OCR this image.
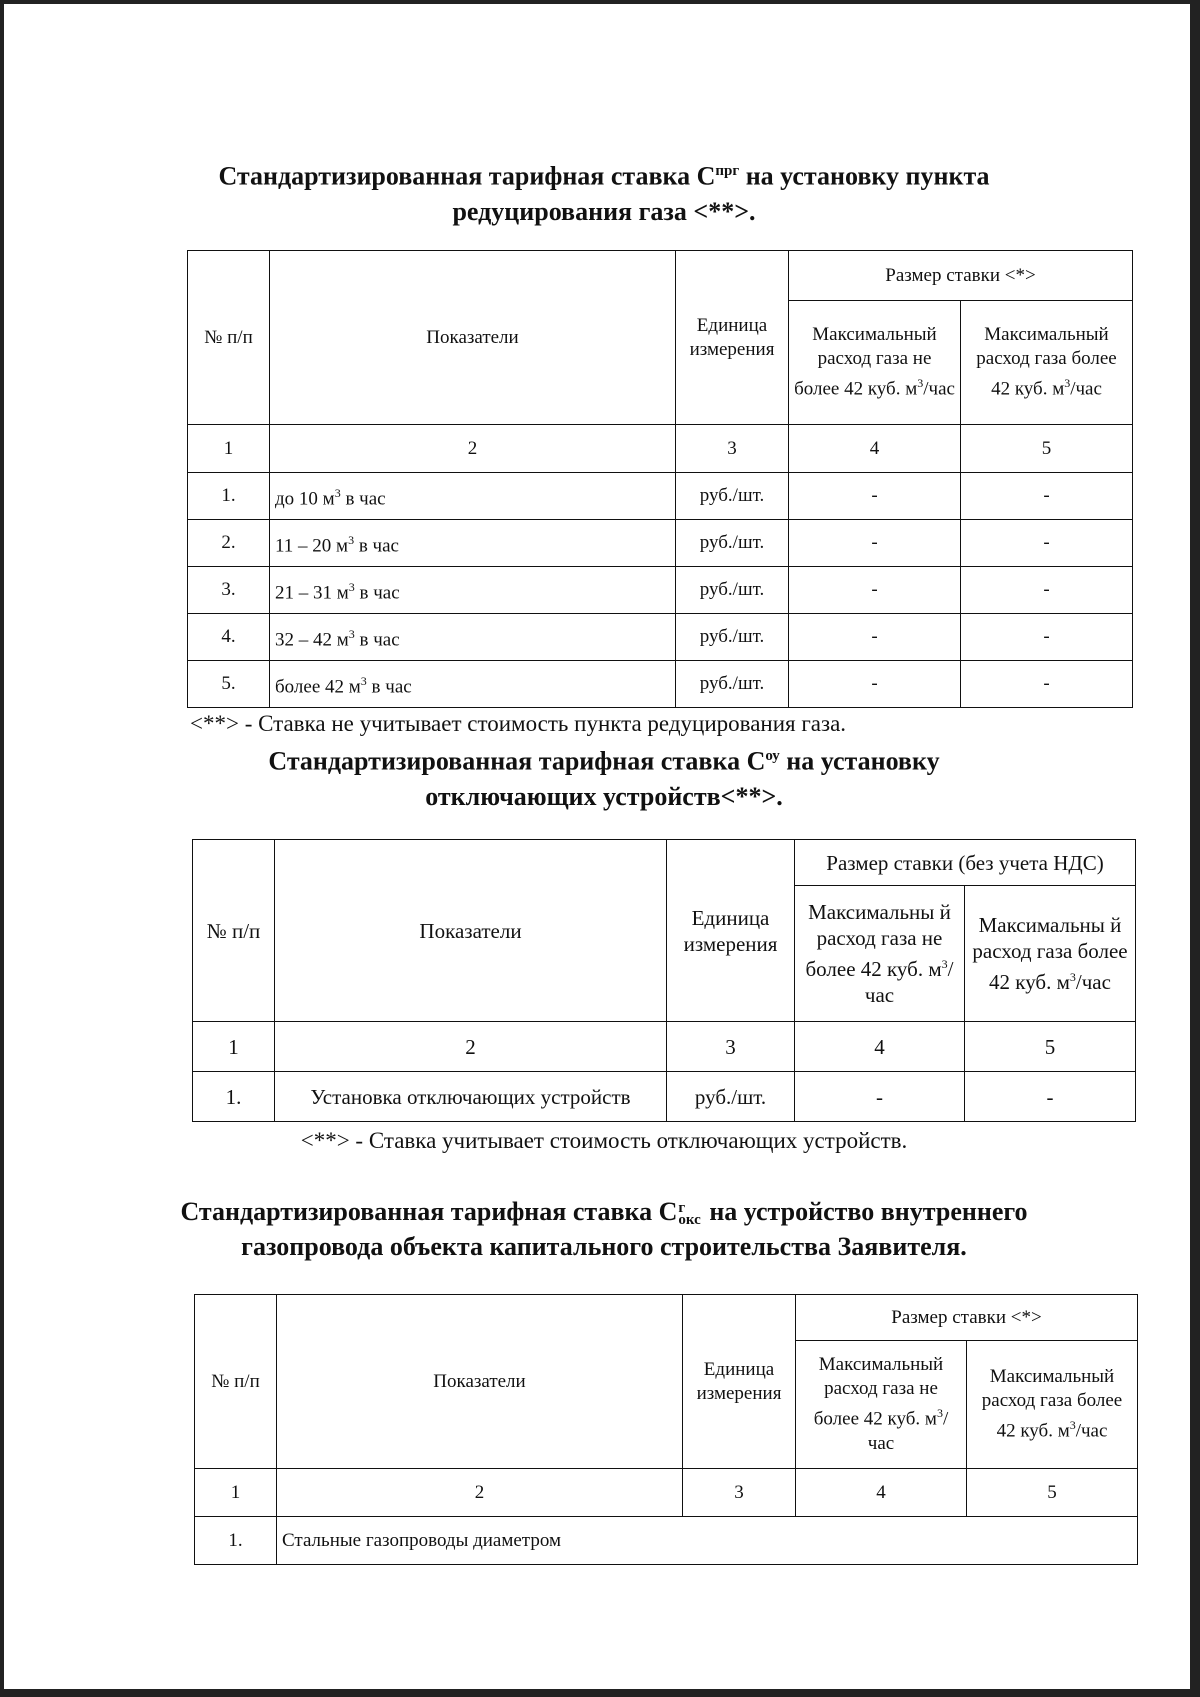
Стандартизированная тарифная ставка $С^{прг}$ на установку пункта
редуцирования газа <**>.
№ п/п	Показатели	Единица измерения	Размер ставки <*>	
			Максимальный расход газа не более 42 куб. $м^3$/час	Максимальный расход газа более 42 куб. $м^3$/час
1	2	3	4	5
1.	до 10 $м^3$ в час	руб./шт.	-	-
2.	11 – 20 $м^3$ в час	руб./шт.	-	-
3.	21 – 31 $м^3$ в час	руб./шт.	-	-
4.	32 – 42 $м^3$ в час	руб./шт.	-	-
5.	более 42 $м^3$ в час	руб./шт.	-	-

<**> - Ставка не учитывает стоимость пункта редуцирования газа.

Стандартизированная тарифная ставка $С^{оу}$ на установку
отключающих устройств<**>.
№ п/п	Показатели	Единица измерения	Размер ставки (без учета НДС)	
			Максимальны й расход газа не более 42 куб. $м^3$/час	Максимальны й расход газа более 42 куб. $м^3$/час
1	2	3	4	5
1.	Установка отключающих устройств	руб./шт.	-	-

<**> - Ставка учитывает стоимость отключающих устройств.

Стандартизированная тарифная ставка С г
окс на устройство внутреннего
газопровода объекта капитального строительства Заявителя.
№ п/п	Показатели	Единица измерения	Размер ставки <*>	
			Максимальный расход газа не более 42 куб. $м^3$/час	Максимальный расход газа более 42 куб. $м^3$/час
1	2	3	4	5
1.	Стальные газопроводы диаметром			
